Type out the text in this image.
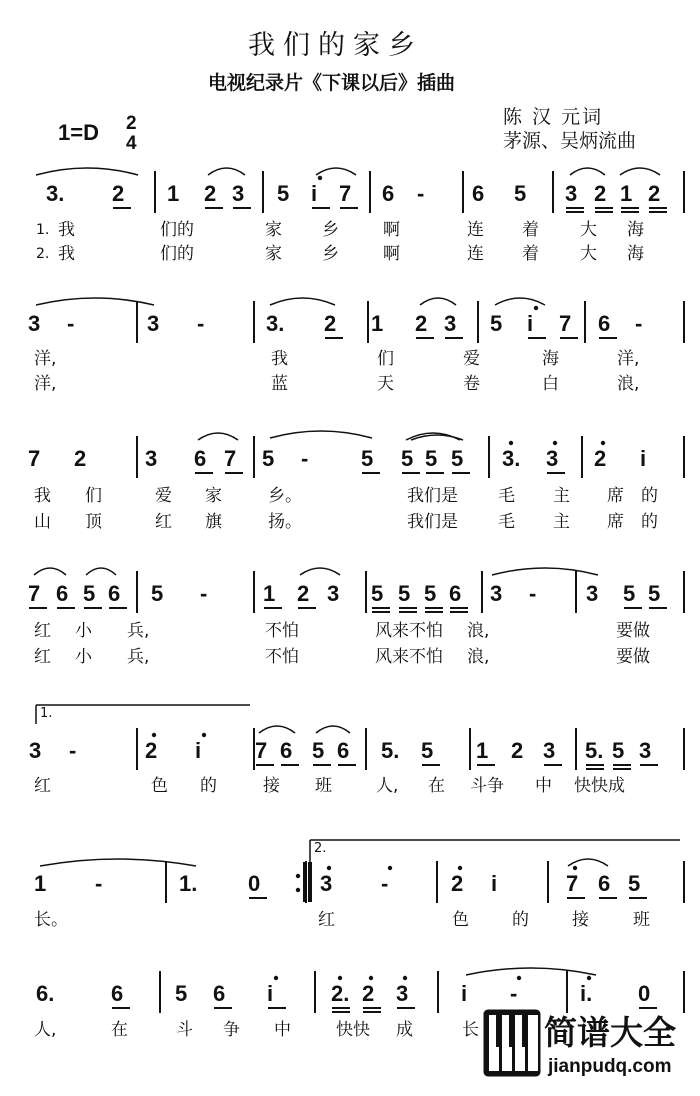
我们的家乡
电视纪录片《下课以后》插曲
1=D 2
4
陈 汉 元词
茅源、吴炳流曲
1.
2.
1.
2.
简谱大全
jianpudq.com
3. 2 1 2 3 5 i 7 6 - 6 5 3 2 1 2
3 -	3 -	3. 2 1 2 3 5 i 7 6 -
7 2	3 6 7 5 - 5 5 5 5 3. 3 2 i
7 6 5 6 5 -	1 2 3 5 5 5 6 3 - 3 5 5
3 -	2 i 7 6 5 6 5. 5 1 2 3 5. 5 3
1 -	1. 0	3 -	2 i	7 6 5
6.	6 5 6 i	2. 2 3 i -	i. 0
我	们的	家 乡	啊	连 着 大 海
我	们的	家 乡	啊	连 着 大 海
洋,	我	们	爱	海	洋,
洋,	蓝	天	卷	白	浪,
我 们	爱 家	乡。	我们是 毛 主 席 的
山 顶	红 旗	扬。	我们是 毛 主 席 的
红 小 兵,	不怕	风来不怕 浪,	要做
红 小 兵,	不怕	风来不怕 浪,	要做
红	色 的	接 班	人, 在 斗争 中 快快成
长。	红	色	的	接	班
人,	在	斗 争 中	快快 成	长
